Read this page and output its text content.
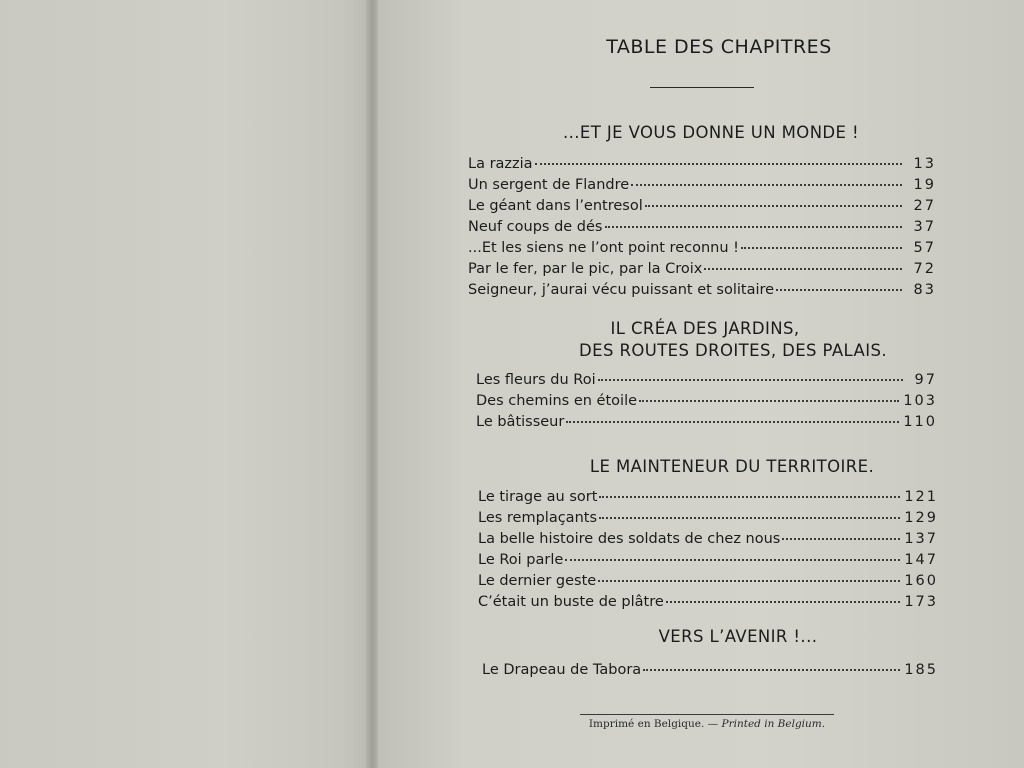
TABLE DES CHAPITRES
...ET JE VOUS DONNE UN MONDE !
La razzia	13
Un sergent de Flandre	19
Le géant dans l’entresol	27
Neuf coups de dés	37
...Et les siens ne l’ont point reconnu !	57
Par le fer, par le pic, par la Croix	72
Seigneur, j’aurai vécu puissant et solitaire	83
IL CRÉA DES JARDINS,
DES ROUTES DROITES, DES PALAIS.
Les fleurs du Roi	97
Des chemins en étoile	103
Le bâtisseur	110
LE MAINTENEUR DU TERRITOIRE.
Le tirage au sort	121
Les remplaçants	129
La belle histoire des soldats de chez nous	137
Le Roi parle	147
Le dernier geste	160
C’était un buste de plâtre	173
VERS L’AVENIR !...
Le Drapeau de Tabora	185
Imprimé en Belgique. — Printed in Belgium.
